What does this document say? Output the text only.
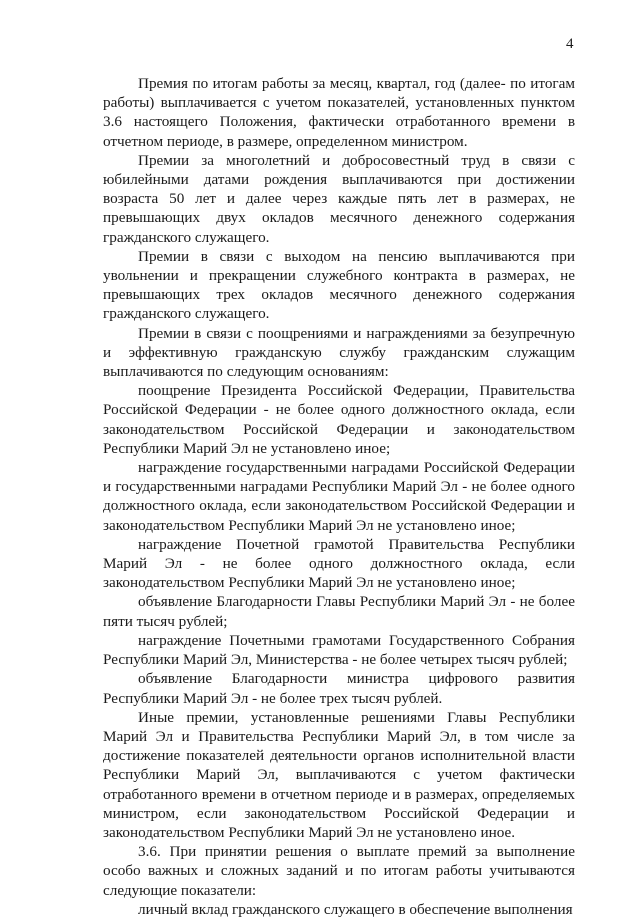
4

Премия по итогам работы за месяц, квартал, год (далее- по итогам работы) выплачивается с учетом показателей, установленных пунктом 3.6 настоящего Положения, фактически отработанного времени в отчетном периоде, в размере, определенном министром.

Премии за многолетний и добросовестный труд в связи с юбилейными датами рождения выплачиваются при достижении возраста 50 лет и далее через каждые пять лет в размерах, не превышающих двух окладов месячного денежного содержания гражданского служащего.

Премии в связи с выходом на пенсию выплачиваются при увольнении и прекращении служебного контракта в размерах, не превышающих трех окладов месячного денежного содержания гражданского служащего.

Премии в связи с поощрениями и награждениями за безупречную и эффективную гражданскую службу гражданским служащим выплачиваются по следующим основаниям:

поощрение Президента Российской Федерации, Правительства Российской Федерации - не более одного должностного оклада, если законодательством Российской Федерации и законодательством Республики Марий Эл не установлено иное;

награждение государственными наградами Российской Федерации и государственными наградами Республики Марий Эл - не более одного должностного оклада, если законодательством Российской Федерации и законодательством Республики Марий Эл не установлено иное;

награждение Почетной грамотой Правительства Республики Марий Эл - не более одного должностного оклада, если законодательством Республики Марий Эл не установлено иное;

объявление Благодарности Главы Республики Марий Эл - не более пяти тысяч рублей;

награждение Почетными грамотами Государственного Собрания Республики Марий Эл, Министерства - не более четырех тысяч рублей;

объявление Благодарности министра цифрового развития Республики Марий Эл - не более трех тысяч рублей.

Иные премии, установленные решениями Главы Республики Марий Эл и Правительства Республики Марий Эл, в том числе за достижение показателей деятельности органов исполнительной власти Республики Марий Эл, выплачиваются с учетом фактически отработанного времени в отчетном периоде и в размерах, определяемых министром, если законодательством Российской Федерации и законодательством Республики Марий Эл не установлено иное.

3.6. При принятии решения о выплате премий за выполнение особо важных и сложных заданий и по итогам работы учитываются следующие показатели:

личный вклад гражданского служащего в обеспечение выполнения
